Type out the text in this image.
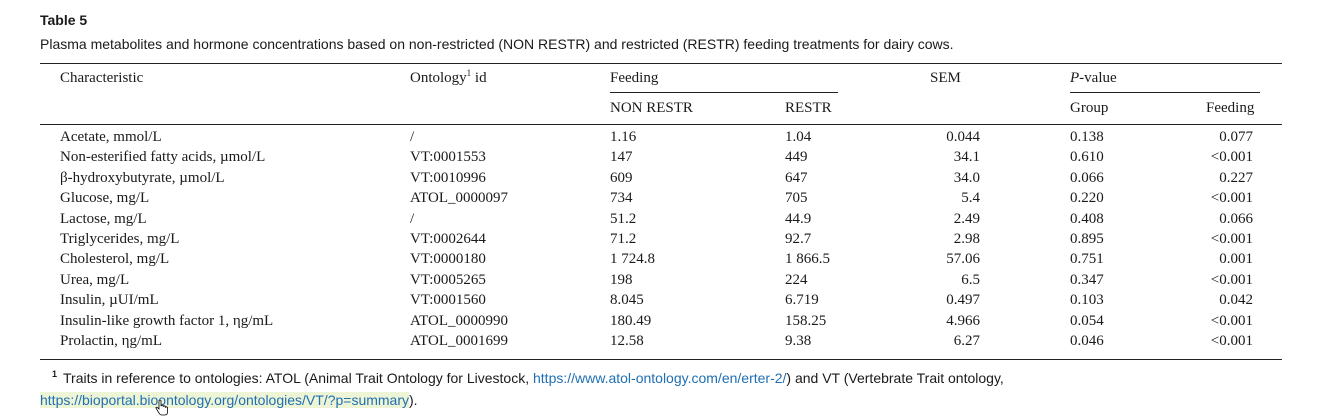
Table 5
Plasma metabolites and hormone concentrations based on non-restricted (NON RESTR) and restricted (RESTR) feeding treatments for dairy cows.
Characteristic	Ontology$^1$ id	Feeding	SEM	P-value
NON RESTR	RESTR	Group	Feeding
Acetate, mmol/L	/	1.16	1.04	0.044	0.138	0.077
Non-esterified fatty acids, µmol/L	VT:0001553	147	449	34.1	0.610	<0.001
β-hydroxybutyrate, µmol/L	VT:0010996	609	647	34.0	0.066	0.227
Glucose, mg/L	ATOL_0000097	734	705	5.4	0.220	<0.001
Lactose, mg/L	/	51.2	44.9	2.49	0.408	0.066
Triglycerides, mg/L	VT:0002644	71.2	92.7	2.98	0.895	<0.001
Cholesterol, mg/L	VT:0000180	1 724.8	1 866.5	57.06	0.751	0.001
Urea, mg/L	VT:0005265	198	224	6.5	0.347	<0.001
Insulin, µUI/mL	VT:0001560	8.045	6.719	0.497	0.103	0.042
Insulin-like growth factor 1, ηg/mL	ATOL_0000990	180.49	158.25	4.966	0.054	<0.001
Prolactin, ηg/mL	ATOL_0001699	12.58	9.38	6.27	0.046	<0.001
$^1$ Traits in reference to ontologies: ATOL (Animal Trait Ontology for Livestock, https://www.atol-ontology.com/en/erter-2/) and VT (Vertebrate Trait ontology, https://bioportal.bioontology.org/ontologies/VT/?p=summary).
